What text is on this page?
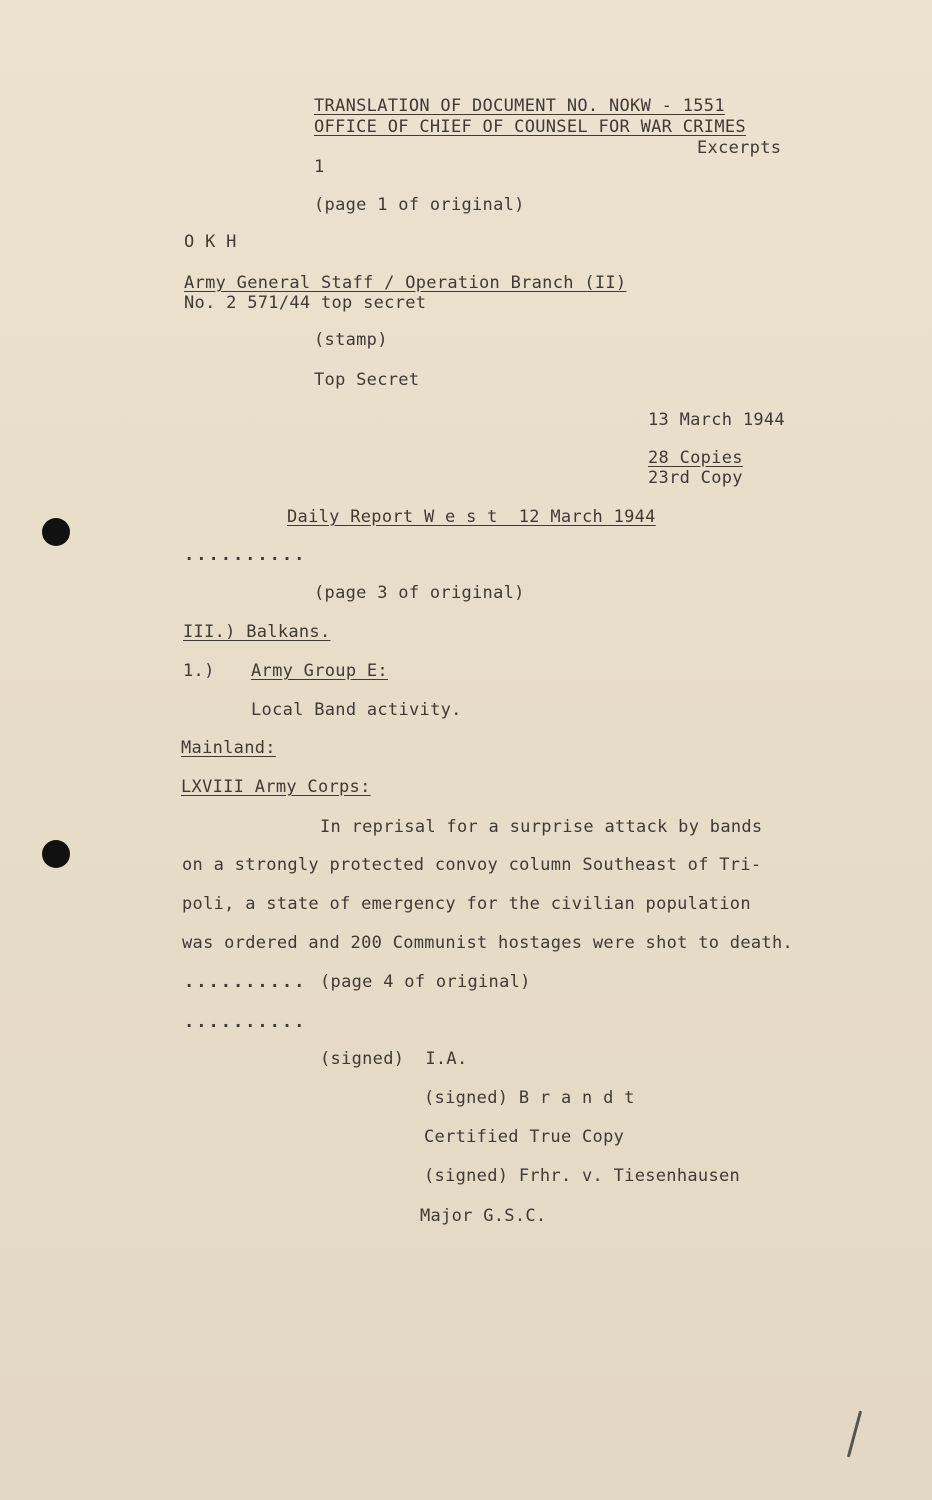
TRANSLATION OF DOCUMENT NO. NOKW - 1551
OFFICE OF CHIEF OF COUNSEL FOR WAR CRIMES
Excerpts
1
(page 1 of original)
O K H
Army General Staff / Operation Branch (II)
No. 2 571/44 top secret
(stamp)
Top Secret
13 March 1944
28 Copies
23rd Copy
Daily Report W e s t  12 March 1944
..........
(page 3 of original)
III.) Balkans.
1.) Army Group E:
Local Band activity.
Mainland:
LXVIII Army Corps:
In reprisal for a surprise attack by bands
on a strongly protected convoy column Southeast of Tri-
poli, a state of emergency for the civilian population
was ordered and 200 Communist hostages were shot to death.
.......... (page 4 of original)
..........
(signed)  I.A.
(signed) B r a n d t
Certified True Copy
(signed) Frhr. v. Tiesenhausen
Major G.S.C.
